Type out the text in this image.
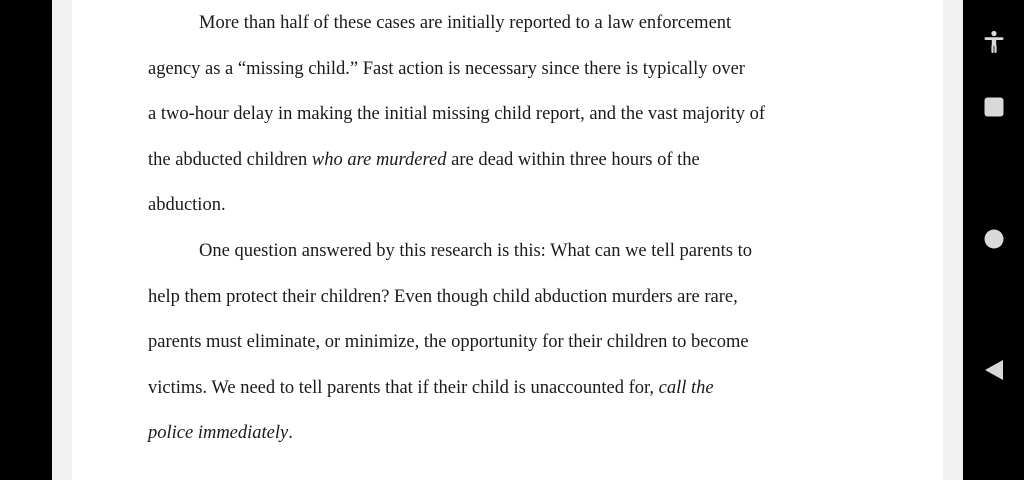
More than half of these cases are initially reported to a law enforcement
agency as a “missing child.” Fast action is necessary since there is typically over
a two-hour delay in making the initial missing child report, and the vast majority of
the abducted children who are murdered are dead within three hours of the
abduction.
One question answered by this research is this: What can we tell parents to
help them protect their children? Even though child abduction murders are rare,
parents must eliminate, or minimize, the opportunity for their children to become
victims. We need to tell parents that if their child is unaccounted for, call the
police immediately.
